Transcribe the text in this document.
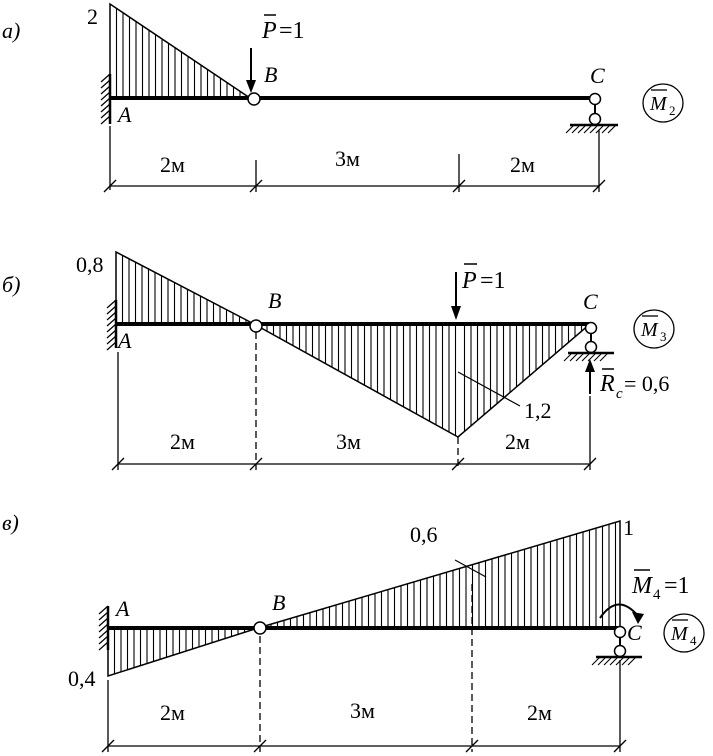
а)	P =1
2
A
B	C
M 2
2м	3м	2м
б)	P =1
R c = 0,6
0,8
1,2
A
B	C
M 3
2м	3м	2м
в)
M 4 =1
0,4
0,6	1
A	B
C M 4
2м	3м	2м
